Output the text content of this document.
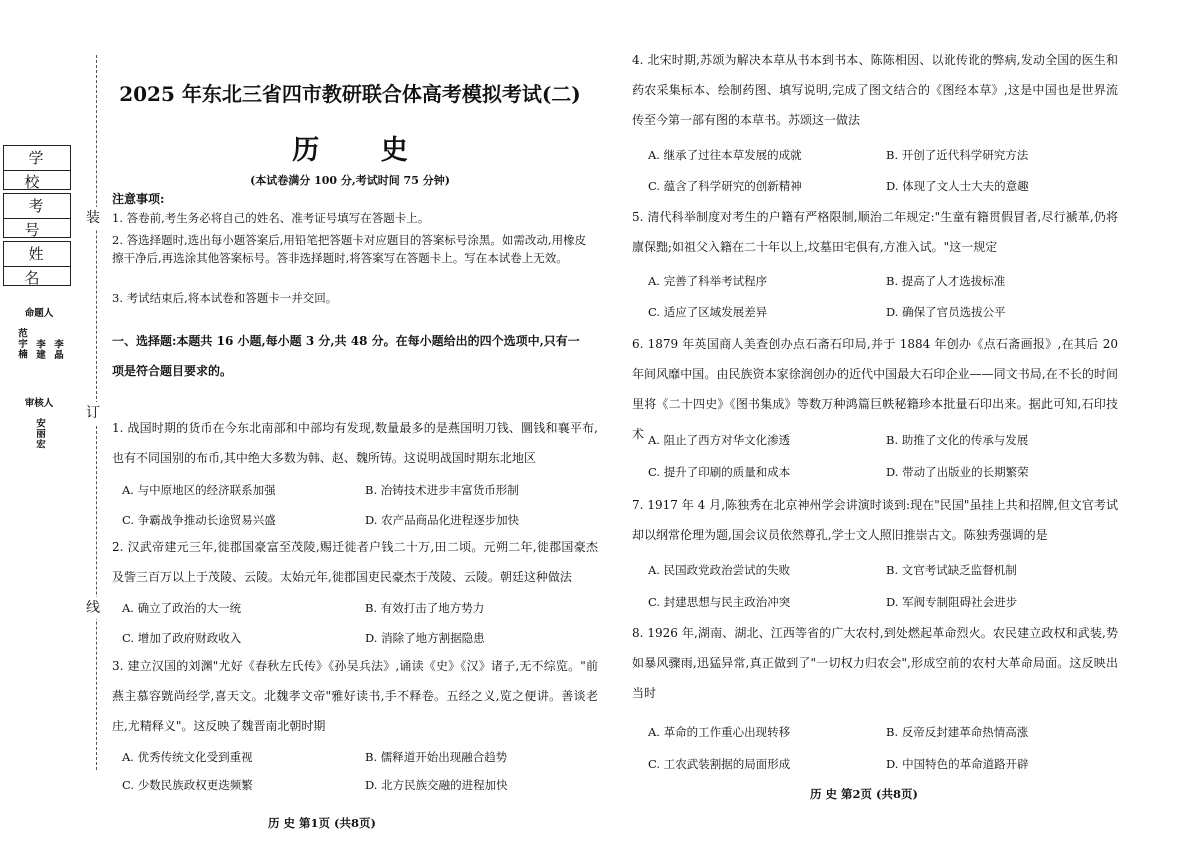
学 校
考 号
姓 名
命题人
范宇楠 李建 李晶
审核人
安丽宏
装
订
线
2025 年东北三省四市教研联合体高考模拟考试(二)
历 史
(本试卷满分 100 分,考试时间 75 分钟)
注意事项:
1. 答卷前,考生务必将自己的姓名、准考证号填写在答题卡上。
2. 答选择题时,选出每小题答案后,用铅笔把答题卡对应题目的答案标号涂黑。如需改动,用橡皮擦干净后,再选涂其他答案标号。答非选择题时,将答案写在答题卡上。写在本试卷上无效。
3. 考试结束后,将本试卷和答题卡一并交回。
一、选择题:本题共 16 小题,每小题 3 分,共 48 分。在每小题给出的四个选项中,只有一项是符合题目要求的。
1. 战国时期的货币在今东北南部和中部均有发现,数量最多的是燕国明刀钱、圜钱和襄平布,也有不同国别的布币,其中绝大多数为韩、赵、魏所铸。这说明战国时期东北地区
A. 与中原地区的经济联系加强	B. 冶铸技术进步丰富货币形制
C. 争霸战争推动长途贸易兴盛	D. 农产品商品化进程逐步加快
2. 汉武帝建元三年,徙郡国豪富至茂陵,赐迁徙者户钱二十万,田二顷。元朔二年,徙郡国豪杰及訾三百万以上于茂陵、云陵。太始元年,徙郡国吏民豪杰于茂陵、云陵。朝廷这种做法
A. 确立了政治的大一统	B. 有效打击了地方势力
C. 增加了政府财政收入	D. 消除了地方割据隐患
3. 建立汉国的刘渊"尤好《春秋左氏传》《孙吴兵法》,诵读《史》《汉》诸子,无不综览。"前燕主慕容皝尚经学,喜天文。北魏孝文帝"雅好读书,手不释卷。五经之义,览之便讲。善谈老庄,尤精释义"。这反映了魏晋南北朝时期
A. 优秀传统文化受到重视	B. 儒释道开始出现融合趋势
C. 少数民族政权更迭频繁	D. 北方民族交融的进程加快
历 史 第1页 (共8页)
4. 北宋时期,苏颂为解决本草从书本到书本、陈陈相因、以讹传讹的弊病,发动全国的医生和药农采集标本、绘制药图、填写说明,完成了图文结合的《图经本草》,这是中国也是世界流传至今第一部有图的本草书。苏颂这一做法
A. 继承了过往本草发展的成就	B. 开创了近代科学研究方法
C. 蕴含了科学研究的创新精神	D. 体现了文人士大夫的意趣
5. 清代科举制度对考生的户籍有严格限制,顺治二年规定:"生童有籍贯假冒者,尽行褫革,仍将廪保黜;如祖父入籍在二十年以上,坟墓田宅俱有,方准入试。"这一规定
A. 完善了科举考试程序	B. 提高了人才选拔标准
C. 适应了区域发展差异	D. 确保了官员选拔公平
6. 1879 年英国商人美查创办点石斋石印局,并于 1884 年创办《点石斋画报》,在其后 20 年间风靡中国。由民族资本家徐润创办的近代中国最大石印企业——同文书局,在不长的时间里将《二十四史》《图书集成》等数万种鸿篇巨帙秘籍珍本批量石印出来。据此可知,石印技术 A. 阻止了西方对华文化渗透	B. 助推了文化的传承与发展
C. 提升了印刷的质量和成本	D. 带动了出版业的长期繁荣
7. 1917 年 4 月,陈独秀在北京神州学会讲演时谈到:现在"民国"虽挂上共和招牌,但文官考试却以纲常伦理为题,国会议员依然尊孔,学士文人照旧推崇古文。陈独秀强调的是
A. 民国政党政治尝试的失败	B. 文官考试缺乏监督机制
C. 封建思想与民主政治冲突	D. 军阀专制阻碍社会进步
8. 1926 年,湖南、湖北、江西等省的广大农村,到处燃起革命烈火。农民建立政权和武装,势如暴风骤雨,迅猛异常,真正做到了"一切权力归农会",形成空前的农村大革命局面。这反映出当时
A. 革命的工作重心出现转移	B. 反帝反封建革命热情高涨
C. 工农武装割据的局面形成	D. 中国特色的革命道路开辟
历 史 第2页 (共8页)
